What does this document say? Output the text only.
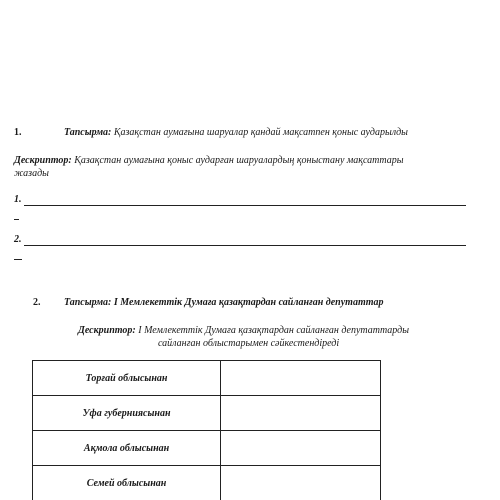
1.	Тапсырма: Қазақстан аумағына шаруалар қандай мақсатпен қоныс аударылды
Дескриптор: Қазақстан аумағына қоныс аударған шаруалардың қоныстану мақсаттары
жазады
1.
2.
2. Тапсырма: I Мемлекеттік Думаға қазақтардан сайланған депутаттар
Дескриптор: I Мемлекеттік Думаға қазақтардан сайланған депутаттарды
сайланған облыстарымен сәйкестендіреді
Торғай облысынан	
Уфа губерниясынан	
Ақмола облысынан	
Семей облысынан	
